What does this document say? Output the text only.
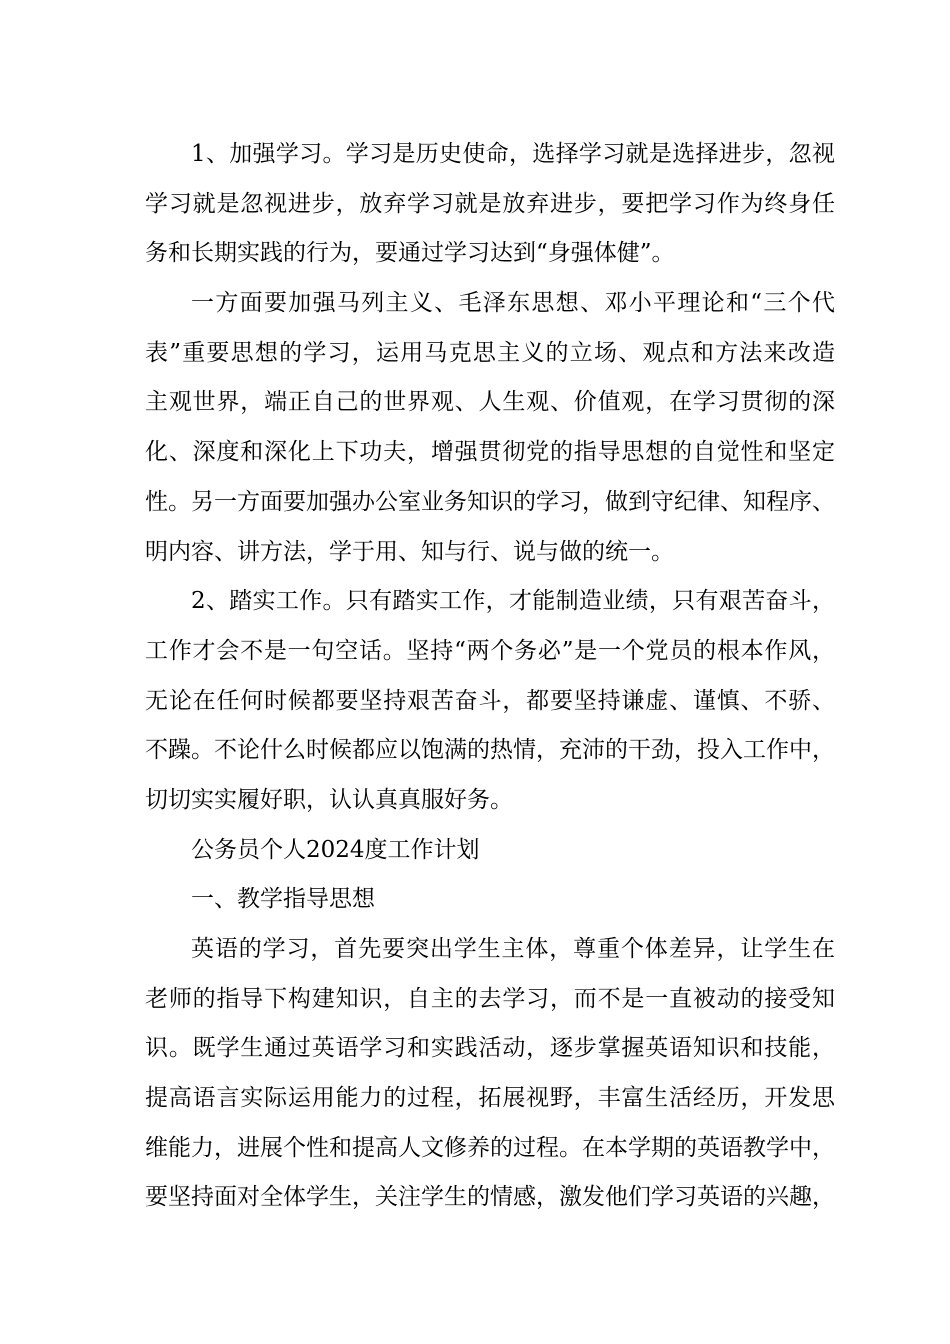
1、加强学习。学习是历史使命，选择学习就是选择进步，忽视
学习就是忽视进步，放弃学习就是放弃进步，要把学习作为终身任
务和长期实践的行为，要通过学习达到“身强体健”。
一方面要加强马列主义、毛泽东思想、邓小平理论和“三个代
表”重要思想的学习，运用马克思主义的立场、观点和方法来改造
主观世界，端正自己的世界观、人生观、价值观，在学习贯彻的深
化、深度和深化上下功夫，增强贯彻党的指导思想的自觉性和坚定
性。另一方面要加强办公室业务知识的学习，做到守纪律、知程序、
明内容、讲方法，学于用、知与行、说与做的统一。
2、踏实工作。只有踏实工作，才能制造业绩，只有艰苦奋斗，
工作才会不是一句空话。坚持“两个务必”是一个党员的根本作风，
无论在任何时候都要坚持艰苦奋斗，都要坚持谦虚、谨慎、不骄、
不躁。不论什么时候都应以饱满的热情，充沛的干劲，投入工作中，
切切实实履好职，认认真真服好务。
公务员个人2024度工作计划
一、教学指导思想
英语的学习，首先要突出学生主体，尊重个体差异，让学生在
老师的指导下构建知识，自主的去学习，而不是一直被动的接受知
识。既学生通过英语学习和实践活动，逐步掌握英语知识和技能，
提高语言实际运用能力的过程，拓展视野，丰富生活经历，开发思
维能力，进展个性和提高人文修养的过程。在本学期的英语教学中，
要坚持面对全体学生，关注学生的情感，激发他们学习英语的兴趣，
